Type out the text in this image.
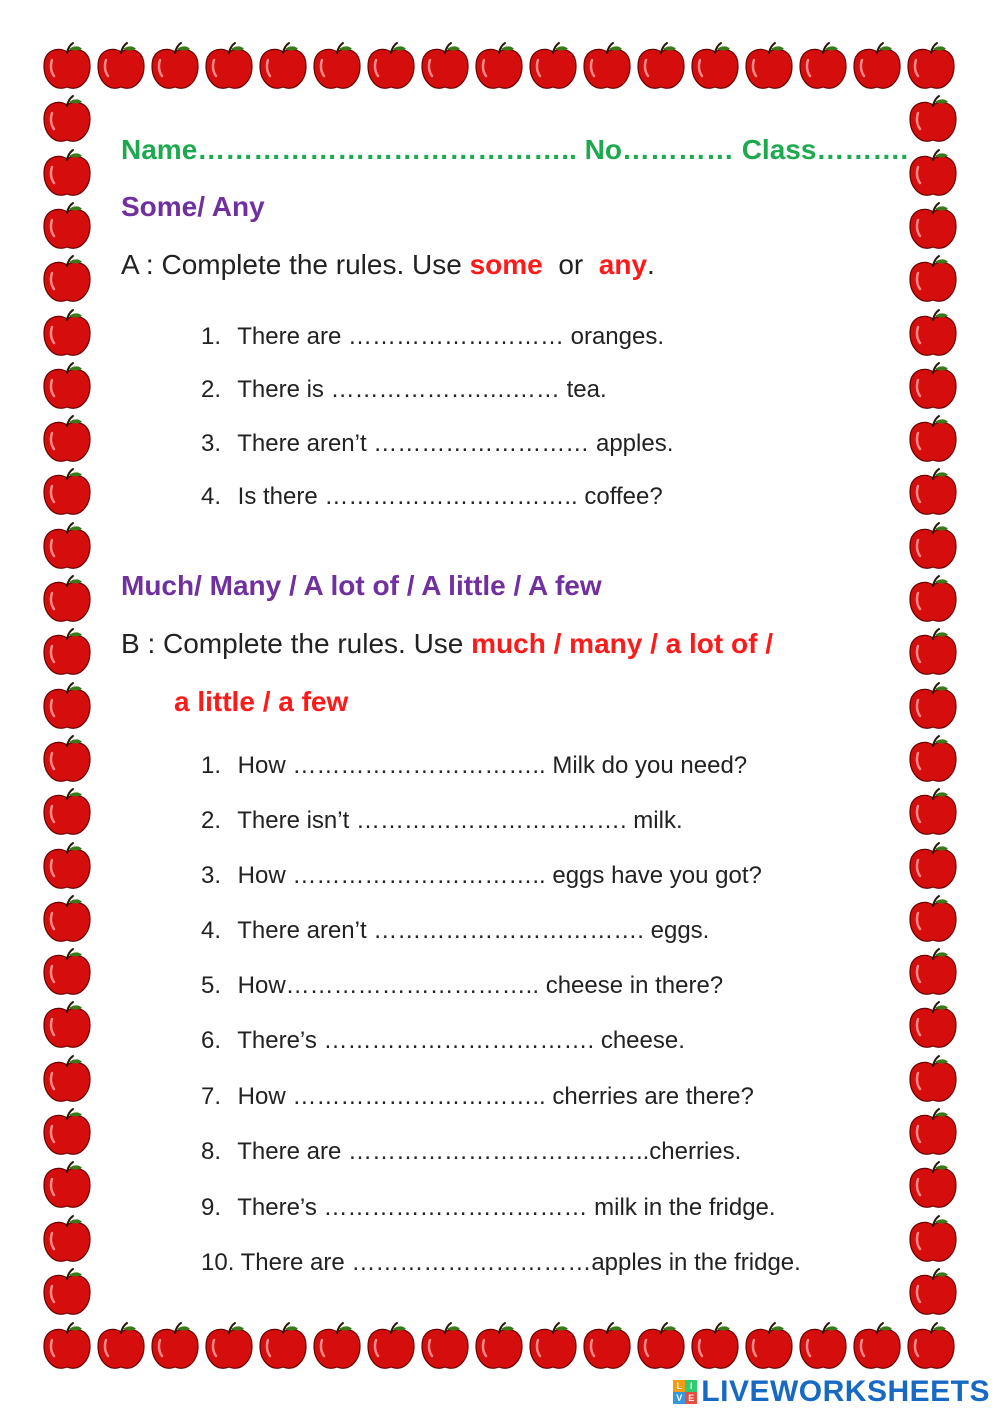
Name………………………………….. No………… Class……….
Some/ Any
A : Complete the rules. Use some or any.
1. There are ……………………… oranges.
2. There is ……………….….…… tea.
3. There aren’t ……………………… apples.
4. Is there ………………………….. coffee?
Much/ Many / A lot of / A little / A few
B : Complete the rules. Use much / many / a lot of /
a little / a few
1. How ………………………….. Milk do you need?
2. There isn’t ……………………………. milk.
3. How ………………………….. eggs have you got?
4. There aren’t ……………………………. eggs.
5. How………………………….. cheese in there?
6. There’s ……………………………. cheese.
7. How ………………………….. cherries are there?
8. There are ………………………………..cherries.
9. There’s …………………………… milk in the fridge.
10. There are …………………………apples in the fridge.
L I
V E LIVEWORKSHEETS
